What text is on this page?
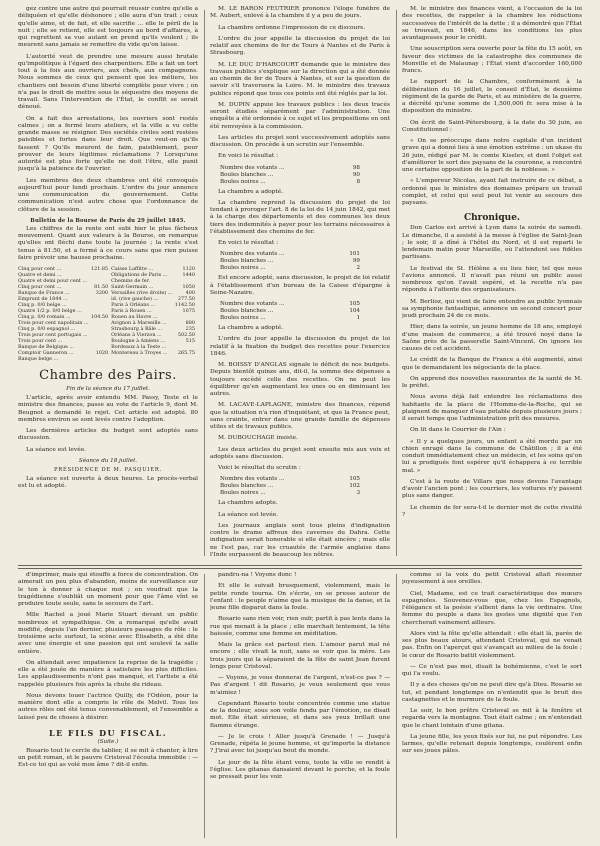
gez contre une autre qui pourrait réussir contre qu'elle a déliquéen et qu'elle déshonore ; elle aura d'un trait ; ceux qu'elle aime, et de fait, et elle sacrifie ... elle le péril de la nuit ; elle se retient, elle est toujours au bord d'affaires, à qui regrettent sa vue autant en prend qu'ils veulent ; ils meurent sans jamais se remettre du vide qu'on laisse.

L'autorité veut de prendre une mesure aussi brutale qu'impolitique à l'égard des charpentiers. Elle a fait un tort tout à la fois aux ouvriers, aux chefs, aux compagnons. Nous sommes de ceux qui pensent que les métiers, les chantiers ont besoin d'une liberté complète pour vivre ; on n'a pas le droit de mettre sous le séquestre des moyens de travail. Sans l'intervention de l'État, le conflit se serait dénoué.

On a fait des arrestations, les ouvriers sont restés calmes ; on a fermé leurs ateliers, et la ville a vu cette grande masse se résigner. Des sociétés civiles sont restées paisibles et fortes dans leur droit. Que veut-on qu'ils fassent ? Qu'ils meurent de faim, paisiblement, pour prouver de leurs légitimes réclamations ? Lorsqu'une autorité est plus forte qu'elle ne doit l'être, elle punit jusqu'à la patience de l'ouvrier.

Les membres des deux chambres ont été convoqués aujourd'hui pour lundi prochain. L'ordre du jour annonce une communication du gouvernement. Cette communication n'est autre chose que l'ordonnance de clôture de la session.

Bulletin de la Bourse de Paris du 29 juillet 1845.

Les chiffres de la rente ont subi hier le plus fâcheux mouvement. Quant aux valeurs à la Bourse, on remarque qu'elles ont fléchi dans toute la journée ; la rente s'est tenue à 81.50, et a fermé à ce cours sans que rien puisse faire prévoir une hausse prochaine.

Cinq pour cent ...	121.85	Caisse Laffitte ...	1120
Quatre et demi ...		Obligations de Paris ...	1440
Quatre et demi pour cent ...		Chemins de fer.	
Cinq pour cent ...	81.50	Saint-Germain ...	1050
Banque de France ...	3200	Versailles (rive droite) ...	400
Emprunt de 1844 ...		id. (rive gauche) ...	277.50
Cinq p. 0/0 belge ...		Paris à Orléans ...	1142.50
Quatre 1/2 p. 0/0 belge ...		Paris à Rouen ...	1075
Cinq p. 0/0 romain ...	104.50	Rouen au Havre ...	
Trois pour cent napolitain ...		Avignon à Marseille ...	880
Cinq p. 0/0 espagnol ...		Strasbourg à Bâle ...	235
Trois pour cent portugais ...		Orléans à Vierzon ...	502.50
Trois pour cent ...		Boulogne à Amiens ...	515
Banque de Belgique ...		Bordeaux à la Teste ...	
Comptoir Ganneron ...	1020	Montereau à Troyes ...	265.75
Banque belge ...			
Chambre des Pairs.
Fin de la séance du 17 juillet.

L'article, après avoir entendu MM. Passy, Teste et le ministre des finances, passe au vote de l'article 9, dont M. Beugnot a demandé le rejet. Cet article est adopté. 80 membres environ se sont levés contre l'adoption.

Les dernières articles du budget sont adoptés sans discussion.

La séance est levée.

Séance du 18 juillet.
PRÉSIDENCE DE M. PASQUIER.

La séance est ouverte à deux heures. Le procès-verbal est lu et adopté.

M. LE BARON FEUTRIER prononce l'éloge funèbre de M. Aubert, enlevé à la chambre il y a peu de jours.

La chambre ordonne l'impression de ce discours.

L'ordre du jour appelle la discussion du projet de loi relatif aux chemins de fer de Tours à Nantes et de Paris à Strasbourg.

M. LE DUC D'HARCOURT demande que le ministre des travaux publics s'explique sur la direction qui a été donnée au chemin de fer de Tours à Nantes, et sur la question de savoir s'il traversera la Loire. M. le ministre des travaux publics répond que tous ces points ont été réglés par la loi.

M. DUPIN appuie les travaux publics : les deux tracés seront étudiés séparément par l'administration. Une enquête a été ordonnée à ce sujet et les propositions en ont été renvoyées à la commission.

Les articles du projet sont successivement adoptés sans discussion. On procède à un scrutin sur l'ensemble.

En voici le résultat :

Nombre des votants ...	98
Boules blanches ...	90
Boules noires ...	8

La chambre a adopté.

La chambre reprend la discussion du projet de loi tendant à proroger l'art. 8 de la loi du 14 juin 1842, qui met à la charge des départements et des communes les deux tiers des indemnités à payer pour les terrains nécessaires à l'établissement des chemins de fer.

En voici le résultat :

Nombre des votants ...	101
Boules blanches ...	99
Boules noires ...	2

Est encore adopté, sans discussion, le projet de loi relatif à l'établissement d'un bureau de la Caisse d'épargne à Seine-Nazaire.

Nombre des votants ...	105
Boules blanches ...	104
Boules noires ...	1

La chambre a adopté.

L'ordre du jour appelle la discussion du projet de loi relatif à la fixation du budget des recettes pour l'exercice 1846.

M. BOISSY D'ANGLAS signale le déficit de nos budgets. Depuis bientôt quinze ans, dit-il, la somme des dépenses a toujours excédé celle des recettes. On ne peut les équilibrer qu'en augmentant les unes ou en diminuant les autres.

M. LACAVE-LAPLAGNE, ministre des finances, répond que la situation n'a rien d'inquiétant, et que la France peut, sans crainte, entrer dans une grande famille de dépenses utiles et de travaux publics.

M. DUBOUCHAGE insiste.

Les deux articles du projet sont ensuite mis aux voix et adoptés sans discussion.

Voici le résultat du scrutin :

Nombre des votants ...	105
Boules blanches ...	102
Boules noires ...	3

La chambre adopte.

La séance est levée.

Les journaux anglais sont tous pleins d'indignation contre le drame affreux des cavernes du Dahra. Cette indignation serait honorable si elle était sincère ; mais elle ne l'est pas, car les cruautés de l'armée anglaise dans l'Inde surpassent de beaucoup les nôtres.

M. le ministre des finances vient, à l'occasion de la loi des recettes, de rappeler à la chambre les réductions successives de l'intérêt de la dette ; il a démontré que l'État se trouvait, en 1846, dans les conditions les plus avantageuses pour le crédit.

Une souscription sera ouverte pour la fête du 15 août, en faveur des victimes de la catastrophe des communes de Monville et de Malaunay ; l'État vient d'accorder 160,000 francs.

Le rapport de la Chambre, conformément à la délibération du 16 juillet, le conseil d'État, le deuxième régiment de la garde de Paris, et au ministère de la guerre, a décrété qu'une somme de 1,500,000 fr. sera mise à la disposition du ministre.

On écrit de Saint-Pétersbourg, à la date du 30 juin, au Constitutionnel :

« On se préoccupe dans notre capitale d'un incident grave qui a donné lieu à une émotion extrême : un ukase du 26 juin, rédigé par M. le comte Kiselev, et dont l'objet est d'améliorer le sort des paysans de la couronne, a rencontré une certaine opposition de la part de la noblesse. »

« L'empereur Nicolas, ayant fait instruire de ce débat, a ordonné que le ministre des domaines prépare un travail complet, et celui qui seul peut lui venir au secours des paysans.

Chronique.

Don Carlos est arrivé à Lyon dans la soirée de samedi. Le dimanche, il a assisté à la messe à l'église de Saint-Jean ; le soir, il a dîné à l'hôtel du Nord, et il est reparti le lendemain matin pour Marseille, où l'attendent ses fidèles partisans.

Le festival de St. Hélène a eu lieu hier, tel que nous l'avions annoncé. Il n'avait pas réuni un public aussi nombreux qu'on l'avait espéré, et la recette n'a pas répondu à l'attente des organisateurs.

M. Berlioz, qui vient de faire entendre au public lyonnais sa symphonie fantastique, annonce un second concert pour jeudi prochain 24 de ce mois.

Hier, dans la soirée, un jeune homme de 18 ans, employé d'une maison de commerce, a été trouvé noyé dans la Saône près de la passerelle Saint-Vincent. On ignore les causes de cet accident.

Le crédit de la Banque de France a été augmenté, ainsi que le demandaient les négociants de la place.

On apprend des nouvelles rassurantes de la santé de M. le préfet.

Nous avons déjà fait entendre les réclamations des habitants de la place de l'Homme-de-la-Roche, qui se plaignent de manquer d'eau potable depuis plusieurs jours ; il serait temps que l'administration prît des mesures.

On lit dans le Courrier de l'Ain :

« Il y a quelques jours, un enfant a été mordu par un chien enragé dans la commune de Châtillon ; il a été conduit immédiatement chez un médecin, et les soins qu'on lui a prodigués font espérer qu'il échappera à ce terrible mal. »

C'est à la route de Villars que nous devons l'avantage d'avoir l'ancien pont ; les courriers, les voitures n'y passent plus sans danger.

Le chemin de fer sera-t-il le dernier mot de cette rivalité ?

d'imprimer, mais qui étouffe à force de concentration. On aimerait un peu plus d'abandon, moins de surveillance sur le ton à donner à chaque mot ; on voudrait que la tragédienne s'oubliât un moment pour que l'âme vînt se produire toute seule, sans le secours de l'art.

Mlle Rachel a joué Marie Stuart devant un public nombreux et sympathique. On a remarqué qu'elle avait modifié, depuis l'an dernier, plusieurs passages du rôle : le troisième acte surtout, la scène avec Élisabeth, a été dite avec une énergie et une passion qui ont soulevé la salle entière.

On attendait avec impatience la reprise de la tragédie ; elle a été jouée de manière à satisfaire les plus difficiles. Les applaudissements n'ont pas manqué, et l'artiste a été rappelée plusieurs fois après la chute du rideau.

Nous devons louer l'actrice Quilly, de l'Odéon, pour la manière dont elle a compris le rôle de Melvil. Tous les autres rôles ont été tenus convenablement, et l'ensemble a laissé peu de choses à désirer.

LE FILS DU FISCAL.
(Suite.)

Rosario tout le cercle du tablier, il se mit à chanter, à lire un petit roman, et le pauvre Cristoval l'écouta immobile : — Est-ce toi qui as volé mon âme ? dit-il enfin.

pandru-na ! Voyons donc !

Et elle le suivait brusquement, violemment, mais le petite ronde tourna. On s'écrie, on se presse autour de l'enfant : le peuple n'aime que la musique de la danse, et la jeune fille disparut dans la foule.

Rosario sans rien voir, rien ouïr, partit à pas lents dans la rue qui menait à la place ; elle marchait lentement, la tête baissée, comme une femme en méditation.

Mais la grâce est partout rien. L'amour parut mal né encore ; elle vivait la nuit, sans se voir que la mère. Les trois jours qui la séparaient de la fête de saint Jean furent longs pour Cristoval.

— Voyons, je vous donnerai de l'argent, n'est-ce pas ? — Pas d'argent ! dit Rosario, je veux seulement que vous m'aimiez !

Cependant Rosario toute concentrée comme une statue de la douleur, sous son voile fendu par l'émotion, ne disait mot. Elle était sérieuse, et dans ses yeux brillait une flamme étrange.

— Je le crois ! Aller jusqu'à Grenade ! — Jusqu'à Grenade, répéta le jeune homme, et qu'importe la distance ? J'irai avec toi jusqu'au bout du monde.

Le jour de la fête étant venu, toute la ville se rendit à l'église. Les gitanas dansaient devant le porche, et la foule se pressait pour les voir.

comme si la voix du petit Cristoval allait résonner joyeusement à ses oreilles.

Ciel, Madame, est ce trait caractéristique des mœurs espagnoles. Souvenez-vous que, chez les Espagnols, l'élégance et la poésie s'allient dans la vie ordinaire. Une femme du peuple a dans les gestes une dignité que l'on chercherait vainement ailleurs.

Alors vint la fête qu'elle attendait : elle était là, parée de ses plus beaux atours, attendant Cristoval, qui ne venait pas. Enfin on l'aperçut qui s'avançait au milieu de la foule ; le cœur de Rosario battit violemment.

— Ce n'est pas moi, disait la bohémienne, c'est le sort qui l'a voulu.

Il y a des choses qu'on ne peut dire qu'à Dieu. Rosario se tut, et pendant longtemps on n'entendit que le bruit des castagnettes et le murmure de la foule.

Le soir, le bon prêtre Cristoval se mit à la fenêtre et regarda vers la montagne. Tout était calme ; on n'entendait que le chant lointain d'une gitana.

La jeune fille, les yeux fixés sur lui, ne put répondre. Les larmes, qu'elle retenait depuis longtemps, coulèrent enfin sur ses joues pâles.
